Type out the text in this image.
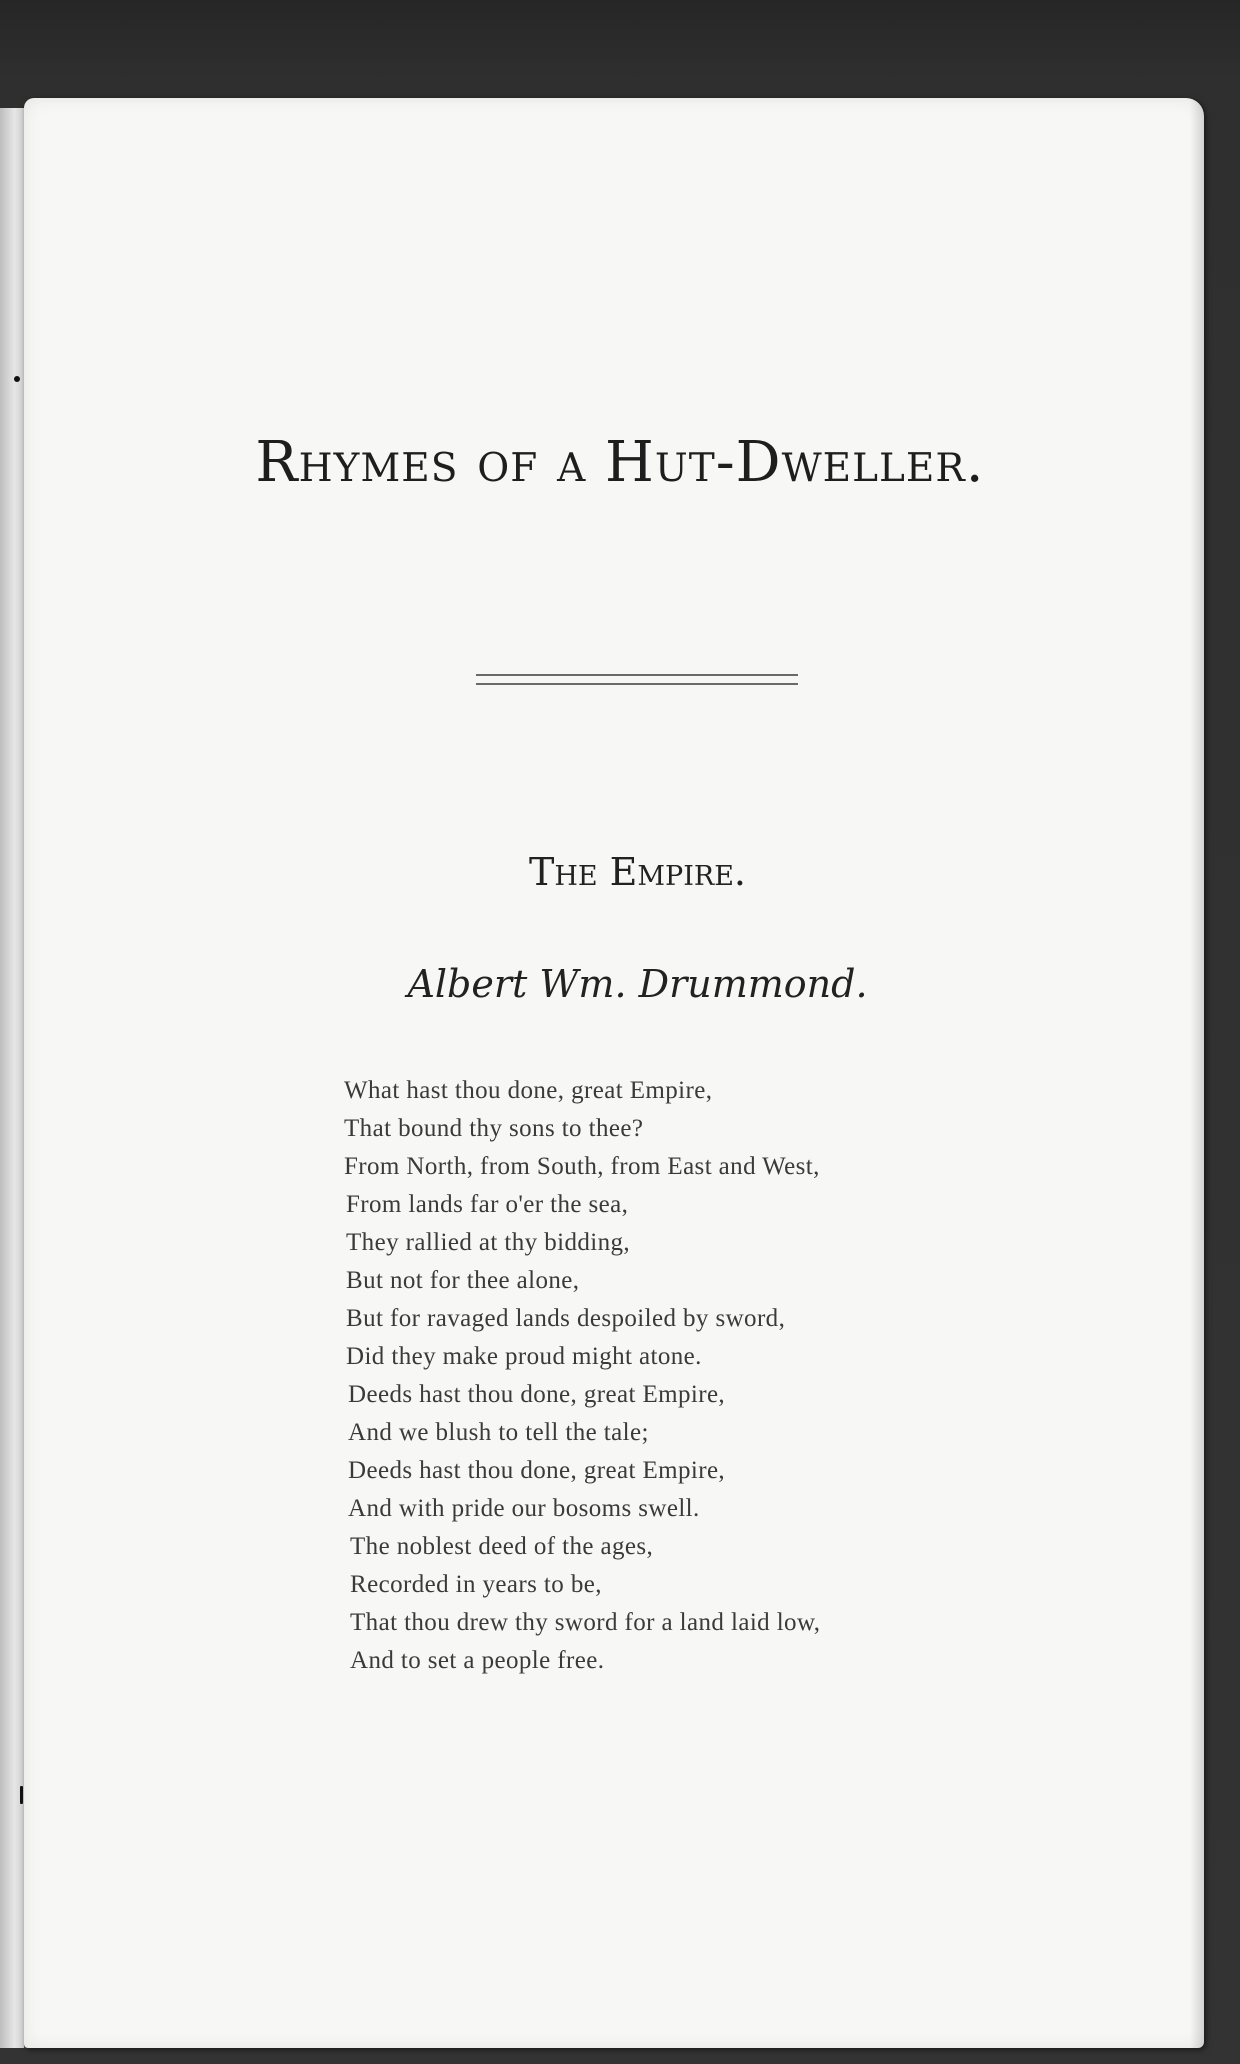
Rhymes of a Hut-Dweller.
The Empire.

Albert Wm. Drummond.

What hast thou done, great Empire,
That bound thy sons to thee?
From North, from South, from East and West,
From lands far o'er the sea,
They rallied at thy bidding,
But not for thee alone,
But for ravaged lands despoiled by sword,
Did they make proud might atone.
Deeds hast thou done, great Empire,
And we blush to tell the tale;
Deeds hast thou done, great Empire,
And with pride our bosoms swell.
The noblest deed of the ages,
Recorded in years to be,
That thou drew thy sword for a land laid low,
And to set a people free.
